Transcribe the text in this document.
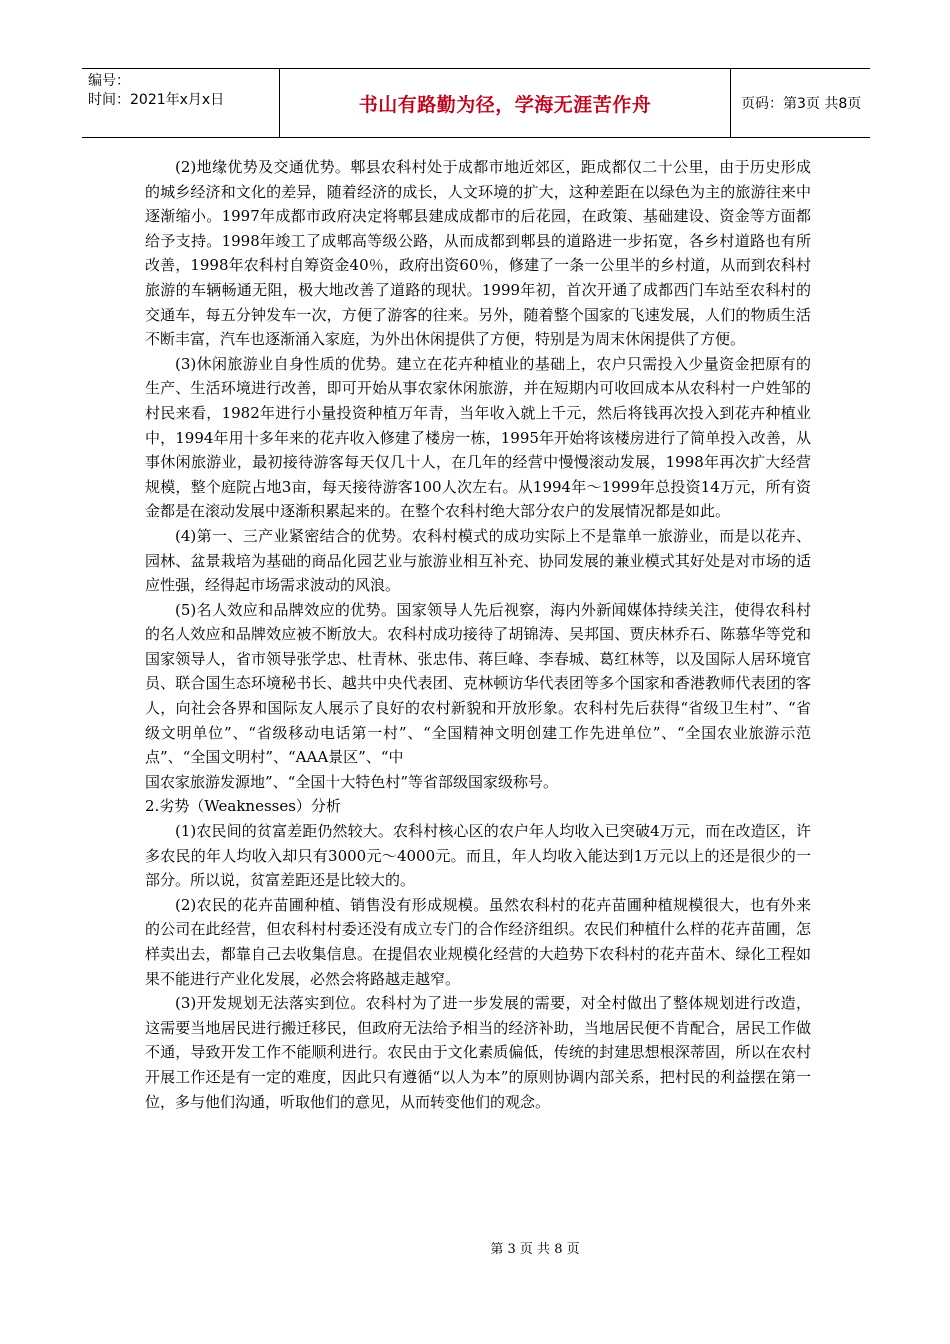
编号：
时间：2021年x月x日	书山有路勤为径，学海无涯苦作舟	页码：第3页 共8页

(2)地缘优势及交通优势。郫县农科村处于成都市地近郊区，距成都仅二十公里，由于历史形成的城乡经济和文化的差异，随着经济的成长，人文环境的扩大，这种差距在以绿色为主的旅游往来中逐渐缩小。1997年成都市政府决定将郫县建成成都市的后花园，在政策、基础建设、资金等方面都给予支持。1998年竣工了成郫高等级公路，从而成都到郫县的道路进一步拓宽，各乡村道路也有所改善，1998年农科村自筹资金40％，政府出资60％，修建了一条一公里半的乡村道，从而到农科村旅游的车辆畅通无阻，极大地改善了道路的现状。1999年初，首次开通了成都西门车站至农科村的交通车，每五分钟发车一次，方便了游客的往来。另外，随着整个国家的飞速发展，人们的物质生活不断丰富，汽车也逐渐涌入家庭，为外出休闲提供了方便，特别是为周末休闲提供了方便。

(3)休闲旅游业自身性质的优势。建立在花卉种植业的基础上，农户只需投入少量资金把原有的生产、生活环境进行改善，即可开始从事农家休闲旅游，并在短期内可收回成本从农科村一户姓邹的村民来看，1982年进行小量投资种植万年青，当年收入就上千元，然后将钱再次投入到花卉种植业中，1994年用十多年来的花卉收入修建了楼房一栋，1995年开始将该楼房进行了简单投入改善，从事休闲旅游业，最初接待游客每天仅几十人，在几年的经营中慢慢滚动发展，1998年再次扩大经营规模，整个庭院占地3亩，每天接待游客100人次左右。从1994年～1999年总投资14万元，所有资金都是在滚动发展中逐渐积累起来的。在整个农科村绝大部分农户的发展情况都是如此。

(4)第一、三产业紧密结合的优势。农科村模式的成功实际上不是靠单一旅游业，而是以花卉、园林、盆景栽培为基础的商品化园艺业与旅游业相互补充、协同发展的兼业模式其好处是对市场的适应性强，经得起市场需求波动的风浪。

(5)名人效应和品牌效应的优势。国家领导人先后视察，海内外新闻媒体持续关注，使得农科村的名人效应和品牌效应被不断放大。农科村成功接待了胡锦涛、吴邦国、贾庆林乔石、陈慕华等党和国家领导人，省市领导张学忠、杜青林、张忠伟、蒋巨峰、李春城、葛红林等，以及国际人居环境官员、联合国生态环境秘书长、越共中央代表团、克林顿访华代表团等多个国家和香港教师代表团的客人，向社会各界和国际友人展示了良好的农村新貌和开放形象。农科村先后获得“省级卫生村”、“省级文明单位”、“省级移动电话第一村”、“全国精神文明创建工作先进单位”、“全国农业旅游示范点”、“全国文明村”、“AAA景区”、“中

国农家旅游发源地”、“全国十大特色村”等省部级国家级称号。

2.劣势（Weaknesses）分析

(1)农民间的贫富差距仍然较大。农科村核心区的农户年人均收入已突破4万元，而在改造区，许多农民的年人均收入却只有3000元～4000元。而且，年人均收入能达到1万元以上的还是很少的一部分。所以说，贫富差距还是比较大的。

(2)农民的花卉苗圃种植、销售没有形成规模。虽然农科村的花卉苗圃种植规模很大，也有外来的公司在此经营，但农科村村委还没有成立专门的合作经济组织。农民们种植什么样的花卉苗圃，怎样卖出去，都靠自己去收集信息。在提倡农业规模化经营的大趋势下农科村的花卉苗木、绿化工程如果不能进行产业化发展，必然会将路越走越窄。

(3)开发规划无法落实到位。农科村为了进一步发展的需要，对全村做出了整体规划进行改造，这需要当地居民进行搬迁移民，但政府无法给予相当的经济补助，当地居民便不肯配合，居民工作做不通，导致开发工作不能顺利进行。农民由于文化素质偏低，传统的封建思想根深蒂固，所以在农村开展工作还是有一定的难度，因此只有遵循“以人为本”的原则协调内部关系，把村民的利益摆在第一位，多与他们沟通，听取他们的意见，从而转变他们的观念。

第 3 页 共 8 页
